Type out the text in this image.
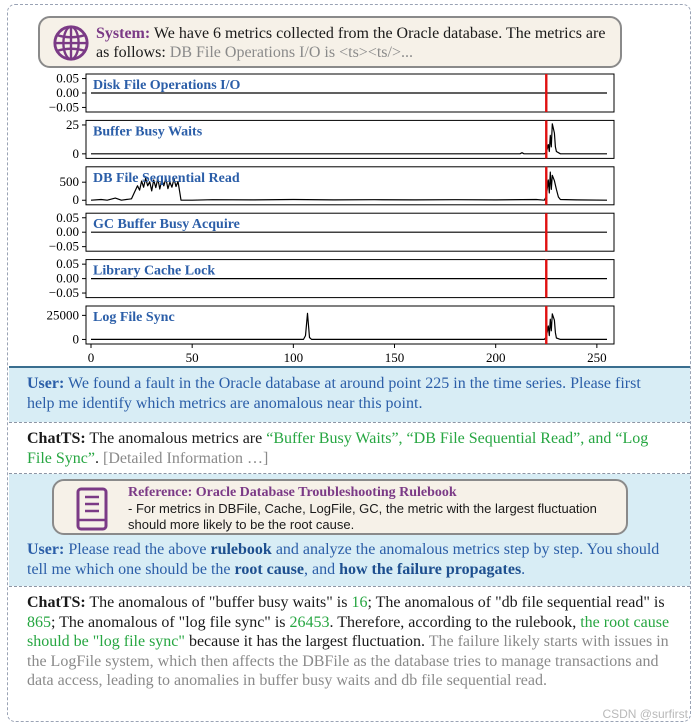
System: We have 6 metrics collected from the Oracle database. The metrics are as follows: DB File Operations I/O is <ts><ts/>...
0.05
0.00
−0.05
Disk File Operations I/O
25
0
Buffer Busy Waits
500
0
DB File Sequential Read
0.05
0.00
−0.05
GC Buffer Busy Acquire
0.05
0.00
−0.05
Library Cache Lock
25000
0
Log File Sync
0	50	100	150	200	250
User: We found a fault in the Oracle database at around point 225 in the time series. Please first help me identify which metrics are anomalous near this point.
ChatTS: The anomalous metrics are “Buffer Busy Waits”, “DB File Sequential Read”, and “Log File Sync”. [Detailed Information …]
User: Please read the above rulebook and analyze the anomalous metrics step by step. You should tell me which one should be the root cause, and how the failure propagates.
Reference: Oracle Database Troubleshooting Rulebook
- For metrics in DBFile, Cache, LogFile, GC, the metric with the largest fluctuation should more likely to be the root cause.
ChatTS: The anomalous of "buffer busy waits" is 16; The anomalous of "db file sequential read" is 865; The anomalous of "log file sync" is 26453. Therefore, according to the rulebook, the root cause should be "log file sync" because it has the largest fluctuation. The failure likely starts with issues in the LogFile system, which then affects the DBFile as the database tries to manage transactions and data access, leading to anomalies in buffer busy waits and db file sequential read.
CSDN @surfirst
